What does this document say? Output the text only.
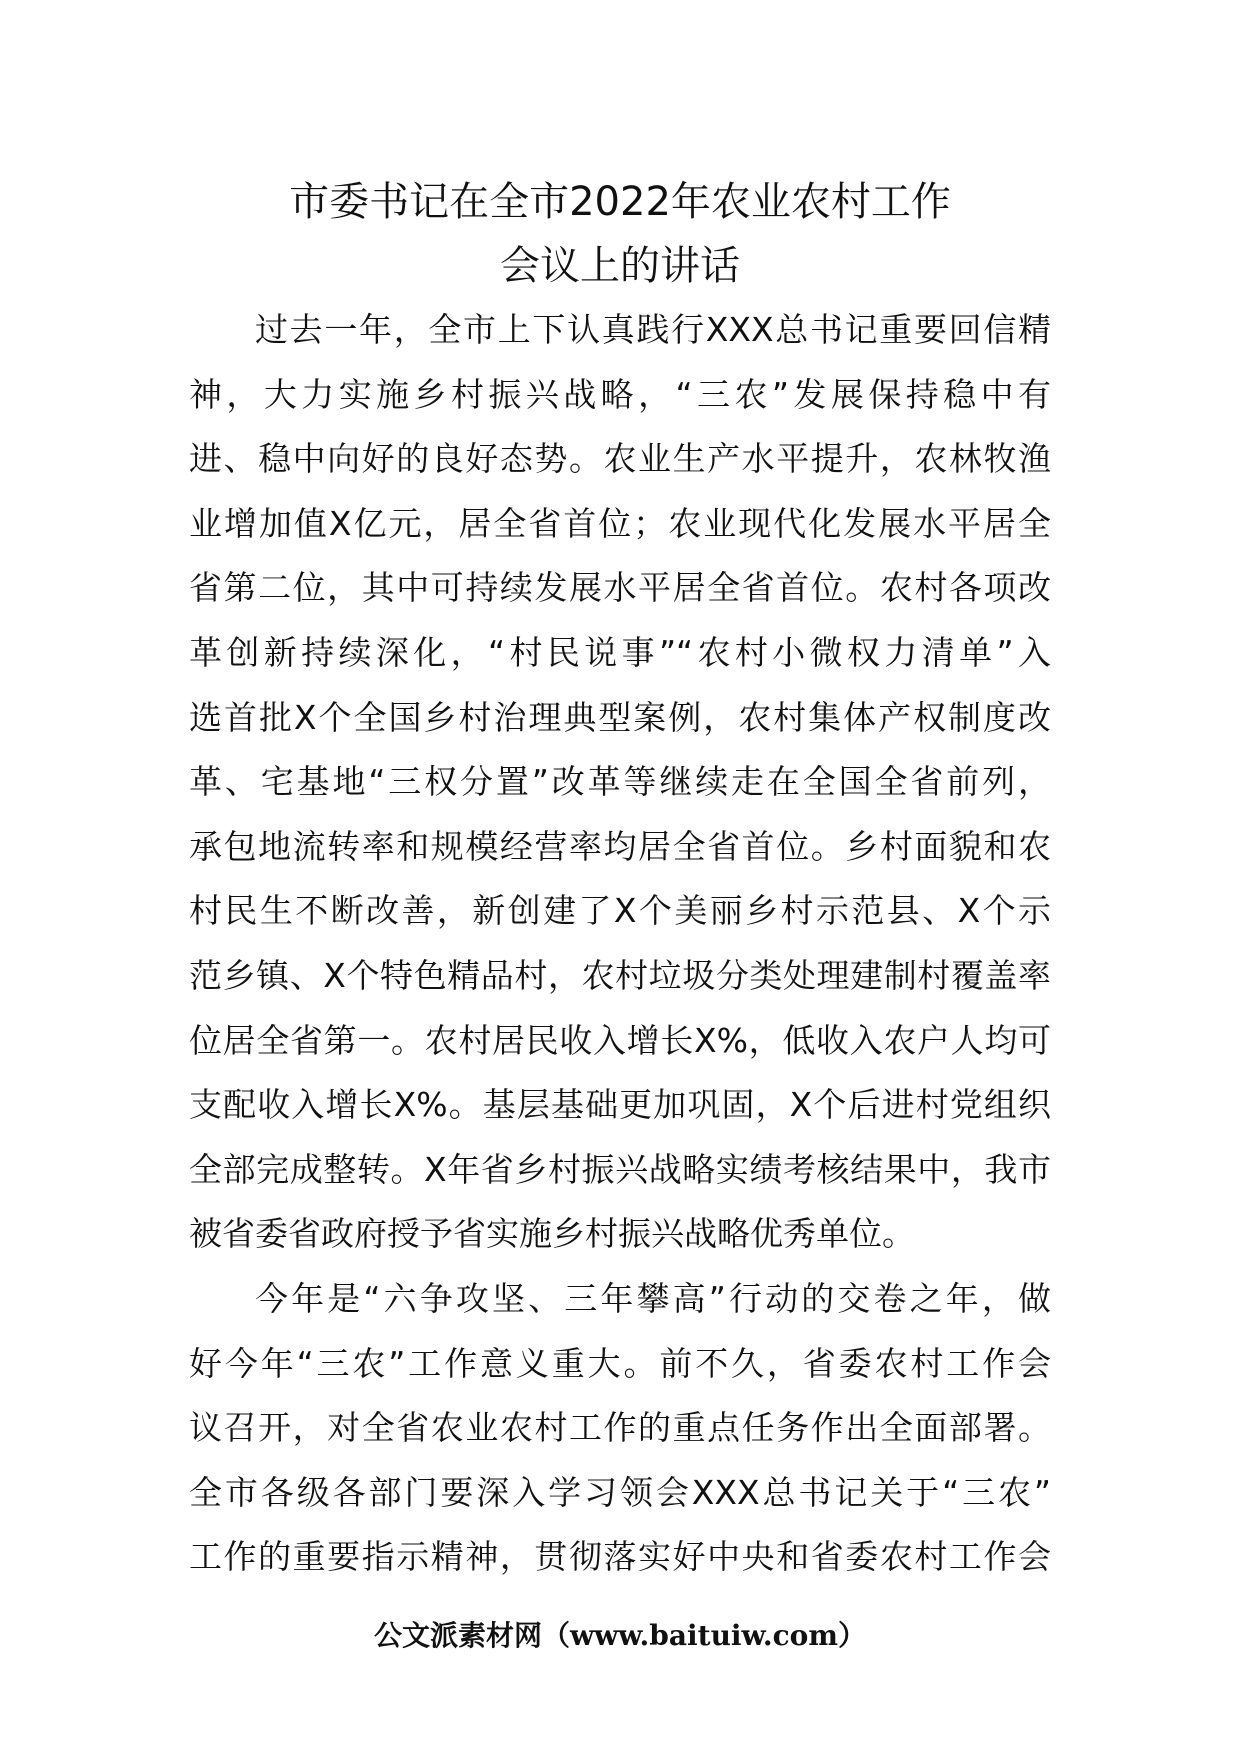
市委书记在全市2022年农业农村工作
会议上的讲话
过去一年，全市上下认真践行XXX总书记重要回信精
神，大力实施乡村振兴战略，“三农”发展保持稳中有
进、稳中向好的良好态势。农业生产水平提升，农林牧渔
业增加值X亿元，居全省首位；农业现代化发展水平居全
省第二位，其中可持续发展水平居全省首位。农村各项改
革创新持续深化，“村民说事”“农村小微权力清单”入
选首批X个全国乡村治理典型案例，农村集体产权制度改
革、宅基地“三权分置”改革等继续走在全国全省前列，
承包地流转率和规模经营率均居全省首位。乡村面貌和农
村民生不断改善，新创建了X个美丽乡村示范县、X个示
范乡镇、X个特色精品村，农村垃圾分类处理建制村覆盖率
位居全省第一。农村居民收入增长X%，低收入农户人均可
支配收入增长X%。基层基础更加巩固，X个后进村党组织
全部完成整转。X年省乡村振兴战略实绩考核结果中，我市
被省委省政府授予省实施乡村振兴战略优秀单位。
今年是“六争攻坚、三年攀高”行动的交卷之年，做
好今年“三农”工作意义重大。前不久，省委农村工作会
议召开，对全省农业农村工作的重点任务作出全面部署。
全市各级各部门要深入学习领会XXX总书记关于“三农”
工作的重要指示精神，贯彻落实好中央和省委农村工作会
公文派素材网（www.baituiw.com）
